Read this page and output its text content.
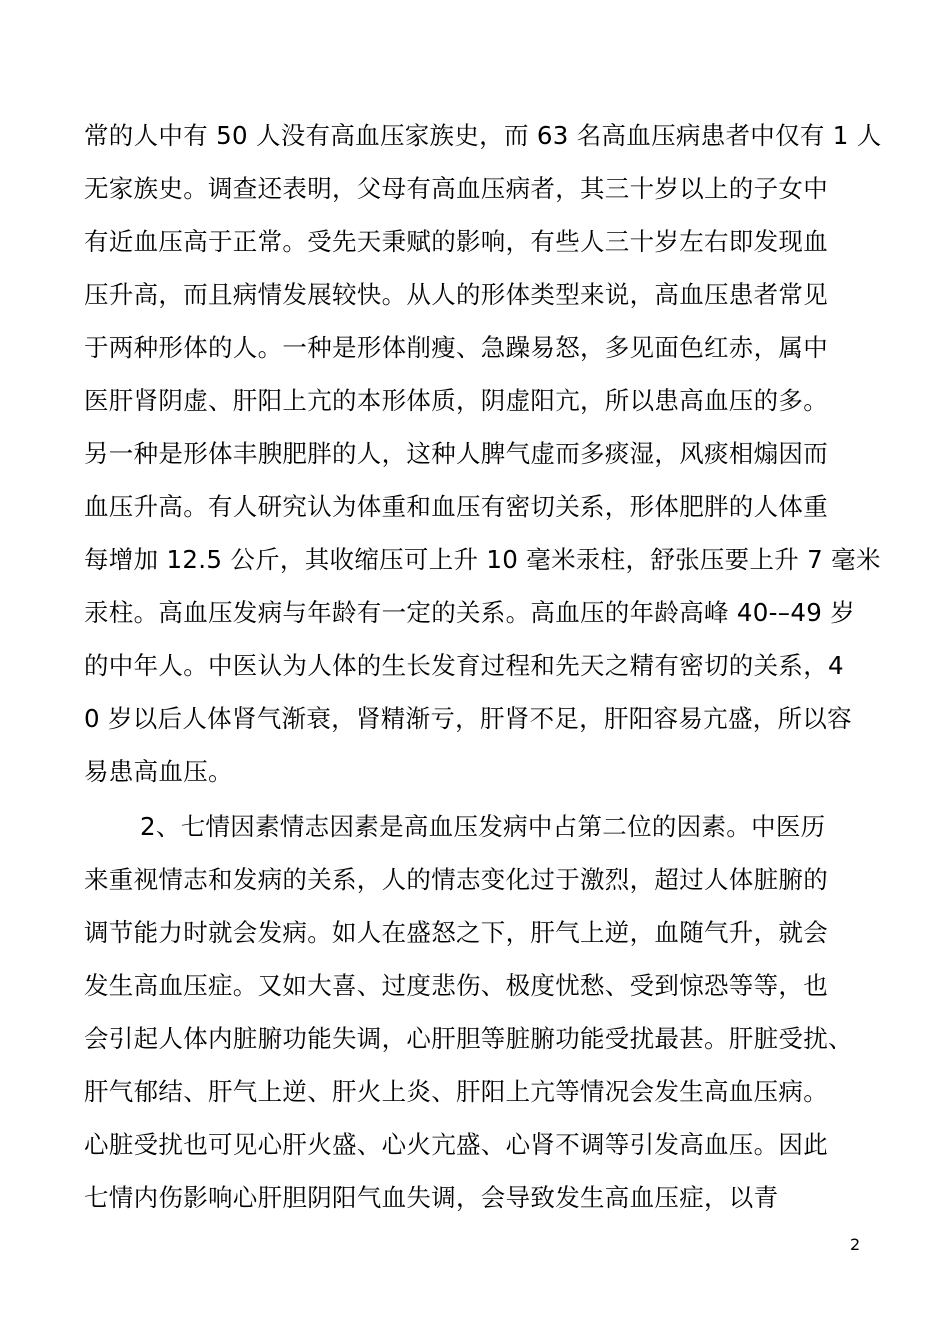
常的人中有 50 人没有高血压家族史，而 63 名高血压病患者中仅有 1 人
无家族史。调查还表明，父母有高血压病者，其三十岁以上的子女中
有近血压高于正常。受先天秉赋的影响，有些人三十岁左右即发现血
压升高，而且病情发展较快。从人的形体类型来说，高血压患者常见
于两种形体的人。一种是形体削瘦、急躁易怒，多见面色红赤，属中
医肝肾阴虚、肝阳上亢的本形体质，阴虚阳亢，所以患高血压的多。
另一种是形体丰腴肥胖的人，这种人脾气虚而多痰湿，风痰相煽因而
血压升高。有人研究认为体重和血压有密切关系，形体肥胖的人体重
每增加 12.5 公斤，其收缩压可上升 10 毫米汞柱，舒张压要上升 7 毫米
汞柱。高血压发病与年龄有一定的关系。高血压的年龄高峰 40-–49 岁
的中年人。中医认为人体的生长发育过程和先天之精有密切的关系，4
0 岁以后人体肾气渐衰，肾精渐亏，肝肾不足，肝阳容易亢盛，所以容
易患高血压。
2、七情因素情志因素是高血压发病中占第二位的因素。中医历
来重视情志和发病的关系，人的情志变化过于激烈，超过人体脏腑的
调节能力时就会发病。如人在盛怒之下，肝气上逆，血随气升，就会
发生高血压症。又如大喜、过度悲伤、极度忧愁、受到惊恐等等，也
会引起人体内脏腑功能失调，心肝胆等脏腑功能受扰最甚。肝脏受扰、
肝气郁结、肝气上逆、肝火上炎、肝阳上亢等情况会发生高血压病。
心脏受扰也可见心肝火盛、心火亢盛、心肾不调等引发高血压。因此
七情内伤影响心肝胆阴阳气血失调，会导致发生高血压症，以青
2
